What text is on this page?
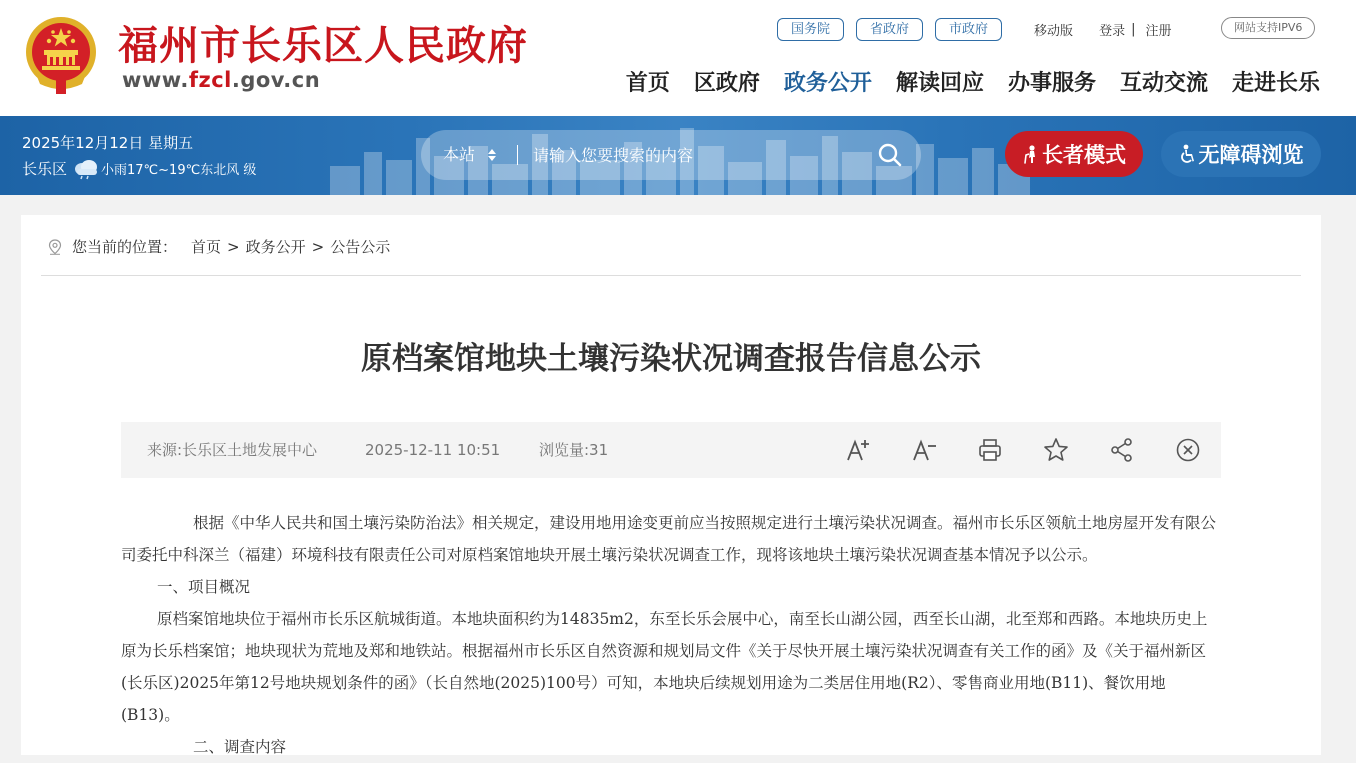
福州市长乐区人民政府
www.fzcl.gov.cn
国务院	省政府	市政府	移动版 登录 | 注册	网站支持IPV6
首页 区政府 政务公开 解读回应 办事服务 互动交流 走进长乐
2025年12月12日 星期五
长乐区	小雨17℃~19℃东北风 级
本站
请输入您要搜索的内容	长者模式	无障碍浏览
您当前的位置： 首页 > 政务公开 > 公告公示
原档案馆地块土壤污染状况调查报告信息公示
来源:长乐区土地发展中心	2025-12-11 10:51	浏览量:31

根据《中华人民共和国土壤污染防治法》相关规定，建设用地用途变更前应当按照规定进行土壤污染状况调查。福州市长乐区领航土地房屋开发有限公司委托中科深兰（福建）环境科技有限责任公司对原档案馆地块开展土壤污染状况调查工作，现将该地块土壤污染状况调查基本情况予以公示。

一、项目概况

原档案馆地块位于福州市长乐区航城街道。本地块面积约为14835m2，东至长乐会展中心，南至长山湖公园，西至长山湖，北至郑和西路。本地块历史上原为长乐档案馆；地块现状为荒地及郑和地铁站。根据福州市长乐区自然资源和规划局文件《关于尽快开展土壤污染状况调查有关工作的函》及《关于福州新区(长乐区)2025年第12号地块规划条件的函》（长自然地(2025)100号）可知，本地块后续规划用途为二类居住用地(R2）、零售商业用地(B11)、餐饮用地(B13)。

二、调查内容
